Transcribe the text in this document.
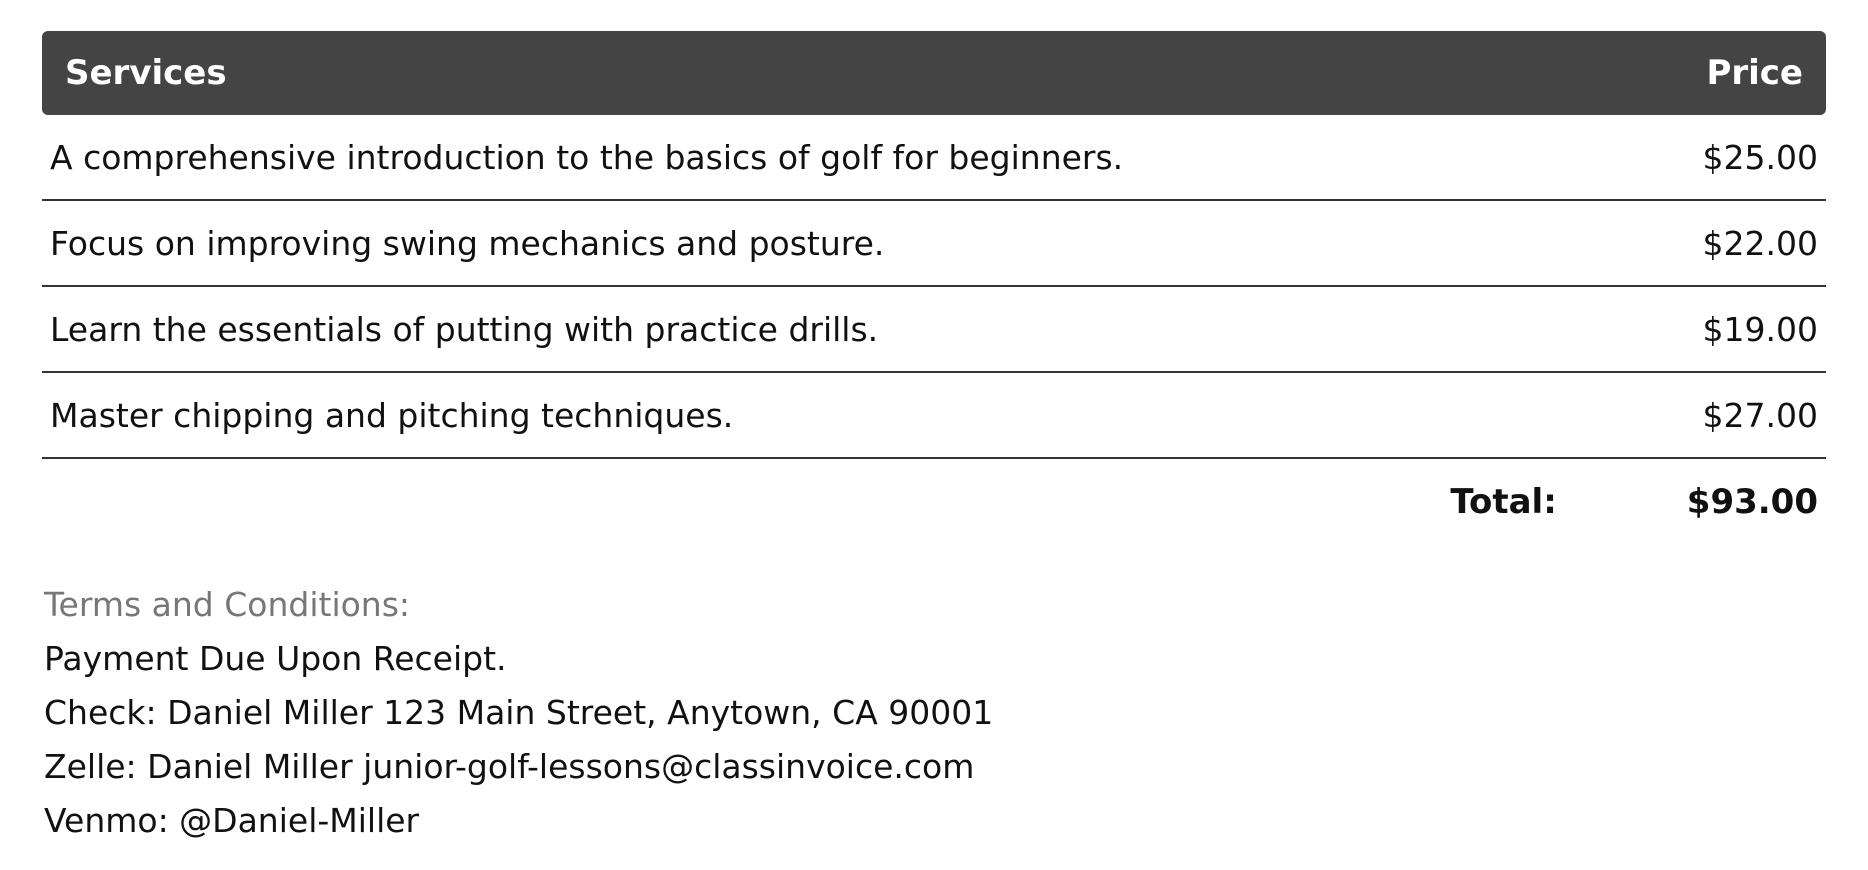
Services	Price
A comprehensive introduction to the basics of golf for beginners.	$25.00
Focus on improving swing mechanics and posture.	$22.00
Learn the essentials of putting with practice drills.	$19.00
Master chipping and pitching techniques.	$27.00
Total:	$93.00
Terms and Conditions:
Payment Due Upon Receipt.
Check: Daniel Miller 123 Main Street, Anytown, CA 90001
Zelle: Daniel Miller junior-golf-lessons@classinvoice.com
Venmo: @Daniel-Miller
